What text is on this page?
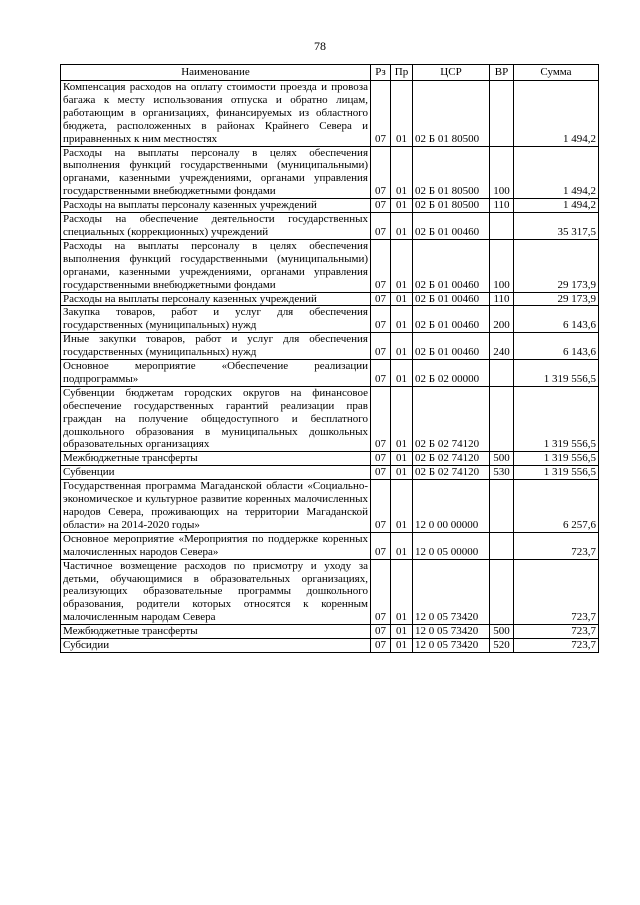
78
Наименование	Рз	Пр	ЦСР	ВР	Сумма
Компенсация расходов на оплату стоимости проезда и провоза багажа к месту использования отпуска и обратно лицам, работающим в организациях, финансируемых из областного бюджета, расположенных в районах Крайнего Севера и приравненных к ним местностях	07	01	02 Б 01 80500		1 494,2
Расходы на выплаты персоналу в целях обеспечения выполнения функций государственными (муниципальными) органами, казенными учреждениями, органами управления государственными внебюджетными фондами	07	01	02 Б 01 80500	100	1 494,2
Расходы на выплаты персоналу казенных учреждений	07	01	02 Б 01 80500	110	1 494,2
Расходы на обеспечение деятельности государственных специальных (коррекционных) учреждений	07	01	02 Б 01 00460		35 317,5
Расходы на выплаты персоналу в целях обеспечения выполнения функций государственными (муниципальными) органами, казенными учреждениями, органами управления государственными внебюджетными фондами	07	01	02 Б 01 00460	100	29 173,9
Расходы на выплаты персоналу казенных учреждений	07	01	02 Б 01 00460	110	29 173,9
Закупка товаров, работ и услуг для обеспечения государственных (муниципальных) нужд	07	01	02 Б 01 00460	200	6 143,6
Иные закупки товаров, работ и услуг для обеспечения государственных (муниципальных) нужд	07	01	02 Б 01 00460	240	6 143,6
Основное мероприятие «Обеспечение реализации подпрограммы»	07	01	02 Б 02 00000		1 319 556,5
Субвенции бюджетам городских округов на финансовое обеспечение государственных гарантий реализации прав граждан на получение общедоступного и бесплатного дошкольного образования в муниципальных дошкольных образовательных организациях	07	01	02 Б 02 74120		1 319 556,5
Межбюджетные трансферты	07	01	02 Б 02 74120	500	1 319 556,5
Субвенции	07	01	02 Б 02 74120	530	1 319 556,5
Государственная программа Магаданской области «Социально-экономическое и культурное развитие коренных малочисленных народов Севера, проживающих на территории Магаданской области» на 2014-2020 годы»	07	01	12 0 00 00000		6 257,6
Основное мероприятие «Мероприятия по поддержке коренных малочисленных народов Севера»	07	01	12 0 05 00000		723,7
Частичное возмещение расходов по присмотру и уходу за детьми, обучающимися в образовательных организациях, реализующих образовательные программы дошкольного образования, родители которых относятся к коренным малочисленным народам Севера	07	01	12 0 05 73420		723,7
Межбюджетные трансферты	07	01	12 0 05 73420	500	723,7
Субсидии	07	01	12 0 05 73420	520	723,7
